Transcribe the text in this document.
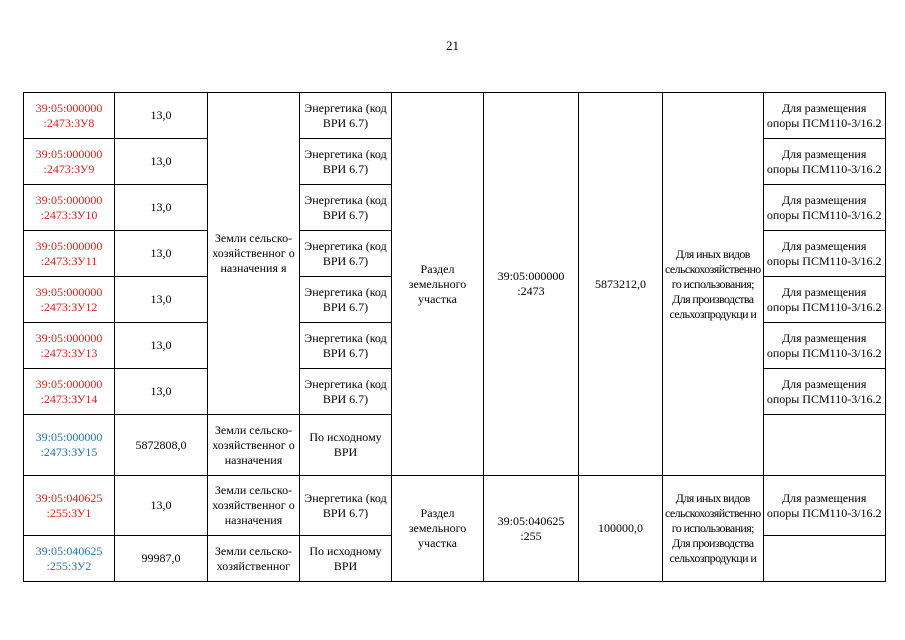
21
39:05:000000 :2473:ЗУ8	13,0	Земли сельско-хозяйственног о назначения я	Энергетика (код ВРИ 6.7)	Раздел земельного участка	39:05:000000 :2473	5873212,0	Для иных видов сельскохозяйственно го использования; Для производства сельхозпродукци и	Для размещения опоры ПСМ110-3/16.2
39:05:000000 :2473:ЗУ9	13,0		Энергетика (код ВРИ 6.7)					Для размещения опоры ПСМ110-3/16.2
39:05:000000 :2473:ЗУ10	13,0		Энергетика (код ВРИ 6.7)					Для размещения опоры ПСМ110-3/16.2
39:05:000000 :2473:ЗУ11	13,0		Энергетика (код ВРИ 6.7)					Для размещения опоры ПСМ110-3/16.2
39:05:000000 :2473:ЗУ12	13,0		Энергетика (код ВРИ 6.7)					Для размещения опоры ПСМ110-3/16.2
39:05:000000 :2473:ЗУ13	13,0		Энергетика (код ВРИ 6.7)					Для размещения опоры ПСМ110-3/16.2
39:05:000000 :2473:ЗУ14	13,0		Энергетика (код ВРИ 6.7)					Для размещения опоры ПСМ110-3/16.2
39:05:000000 :2473:ЗУ15	5872808,0	Земли сельско-хозяйственног о назначения	По исходному ВРИ					
39:05:040625 :255:ЗУ1	13,0	Земли сельско-хозяйственног о назначения	Энергетика (код ВРИ 6.7)	Раздел земельного участка	39:05:040625 :255	100000,0	Для иных видов сельскохозяйственно го использования; Для производства сельхозпродукци и	Для размещения опоры ПСМ110-3/16.2
39:05:040625 :255:ЗУ2	99987,0	Земли сельско-хозяйственног	По исходному ВРИ					
